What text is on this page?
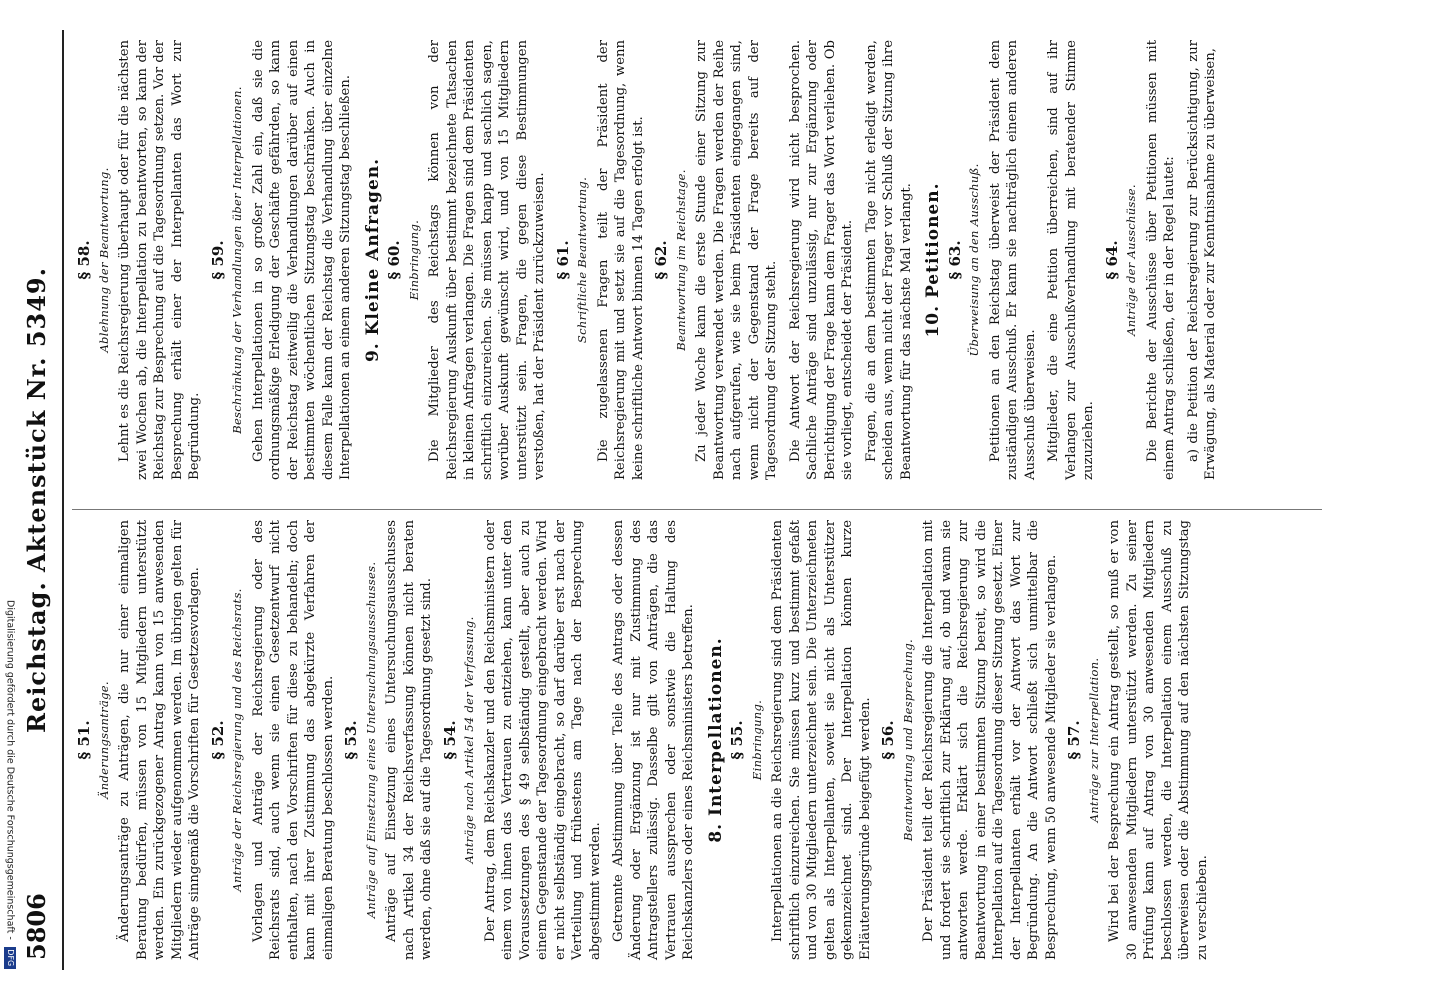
5806
Reichstag. Aktenstück Nr. 5349.
§ 51. Änderungsanträge. Änderungsanträge zu Anträgen, die nur einer einmaligen Beratung bedürfen, müssen von 15 Mitgliedern unterstützt werden. Ein zurückgezogener Antrag kann von 15 anwesenden Mitgliedern wieder aufgenommen werden. Im übrigen gelten für Anträge sinngemäß die Vorschriften für Gesetzesvorlagen. § 52. Anträge der Reichsregierung und des Reichsrats. Vorlagen und Anträge der Reichsregierung oder des Reichsrats sind, auch wenn sie einen Gesetzentwurf nicht enthalten, nach den Vorschriften für diese zu behandeln; doch kann mit ihrer Zustimmung das abgekürzte Verfahren der einmaligen Beratung beschlossen werden. § 53. Anträge auf Einsetzung eines Untersuchungsausschusses. Anträge auf Einsetzung eines Untersuchungsausschusses nach Artikel 34 der Reichsverfassung können nicht beraten werden, ohne daß sie auf die Tagesordnung gesetzt sind. § 54. Anträge nach Artikel 54 der Verfassung. Der Antrag, dem Reichskanzler und den Reichsministern oder einem von ihnen das Vertrauen zu entziehen, kann unter den Voraussetzungen des § 49 selbständig gestellt, aber auch zu einem Gegenstande der Tagesordnung eingebracht werden. Wird er nicht selbständig eingebracht, so darf darüber erst nach der Verteilung und frühestens am Tage nach der Besprechung abgestimmt werden. Getrennte Abstimmung über Teile des Antrags oder dessen Änderung oder Ergänzung ist nur mit Zustimmung des Antragstellers zulässig. Dasselbe gilt von Anträgen, die das Vertrauen aussprechen oder sonstwie die Haltung des Reichskanzlers oder eines Reichsministers betreffen. 8. Interpellationen. § 55. Einbringung. Interpellationen an die Reichsregierung sind dem Präsidenten schriftlich einzureichen. Sie müssen kurz und bestimmt gefaßt und von 30 Mitgliedern unterzeichnet sein. Die Unterzeichneten gelten als Interpellanten, soweit sie nicht als Unterstützer gekennzeichnet sind. Der Interpellation können kurze Erläuterungsgründe beigefügt werden. § 56. Beantwortung und Besprechung. Der Präsident teilt der Reichsregierung die Interpellation mit und fordert sie schriftlich zur Erklärung auf, ob und wann sie antworten werde. Erklärt sich die Reichsregierung zur Beantwortung in einer bestimmten Sitzung bereit, so wird die Interpellation auf die Tagesordnung dieser Sitzung gesetzt. Einer der Interpellanten erhält vor der Antwort das Wort zur Begründung. An die Antwort schließt sich unmittelbar die Besprechung, wenn 50 anwesende Mitglieder sie verlangen. § 57. Anträge zur Interpellation. Wird bei der Besprechung ein Antrag gestellt, so muß er von 30 anwesenden Mitgliedern unterstützt werden. Zu seiner Prüfung kann auf Antrag von 30 anwesenden Mitgliedern beschlossen werden, die Interpellation einem Ausschuß zu überweisen oder die Abstimmung auf den nächsten Sitzungstag zu verschieben.

§ 58. Ablehnung der Beantwortung. Lehnt es die Reichsregierung überhaupt oder für die nächsten zwei Wochen ab, die Interpellation zu beantworten, so kann der Reichstag zur Besprechung auf die Tagesordnung setzen. Vor der Besprechung erhält einer der Interpellanten das Wort zur Begründung.

§ 59. Beschränkung der Verhandlungen über Interpellationen. Gehen Interpellationen in so großer Zahl ein, daß sie die ordnungsmäßige Erledigung der Geschäfte gefährden, so kann der Reichstag zeitweilig die Verhandlungen darüber auf einen bestimmten wöchentlichen Sitzungstag beschränken. Auch in diesem Falle kann der Reichstag die Verhandlung über einzelne Interpellationen an einem anderen Sitzungstag beschließen. 9. Kleine Anfragen. § 60. Einbringung. Die Mitglieder des Reichstags können von der Reichsregierung Auskunft über bestimmt bezeichnete Tatsachen in kleinen Anfragen verlangen. Die Fragen sind dem Präsidenten schriftlich einzureichen. Sie müssen knapp und sachlich sagen, worüber Auskunft gewünscht wird, und von 15 Mitgliedern unterstützt sein. Fragen, die gegen diese Bestimmungen verstoßen, hat der Präsident zurückzuweisen. § 61. Schriftliche Beantwortung. Die zugelassenen Fragen teilt der Präsident der Reichsregierung mit und setzt sie auf die Tagesordnung, wenn keine schriftliche Antwort binnen 14 Tagen erfolgt ist. § 62. Beantwortung im Reichstage. Zu jeder Woche kann die erste Stunde einer Sitzung zur Beantwortung verwendet werden. Die Fragen werden der Reihe nach aufgerufen, wie sie beim Präsidenten eingegangen sind, wenn nicht der Gegenstand der Frage bereits auf der Tagesordnung der Sitzung steht. Die Antwort der Reichsregierung wird nicht besprochen. Sachliche Anträge sind unzulässig, nur zur Ergänzung oder Berichtigung der Frage kann dem Frager das Wort verliehen. Ob sie vorliegt, entscheidet der Präsident. Fragen, die an dem bestimmten Tage nicht erledigt werden, scheiden aus, wenn nicht der Frager vor Schluß der Sitzung ihre Beantwortung für das nächste Mal verlangt. 10. Petitionen. § 63. Überweisung an den Ausschuß. Petitionen an den Reichstag überweist der Präsident dem zuständigen Ausschuß. Er kann sie nachträglich einem anderen Ausschuß überweisen. Mitglieder, die eine Petition überreichen, sind auf ihr Verlangen zur Ausschußverhandlung mit beratender Stimme zuzuziehen.

§ 64. Anträge der Ausschüsse. Die Berichte der Ausschüsse über Petitionen müssen mit einem Antrag schließen, der in der Regel lautet: a) die Petition der Reichsregierung zur Berücksichtigung, zur Erwägung, als Material oder zur Kenntnisnahme zu überweisen,

Digitalisierung gefördert durch die Deutsche Forschungsgemeinschaft - DFG
